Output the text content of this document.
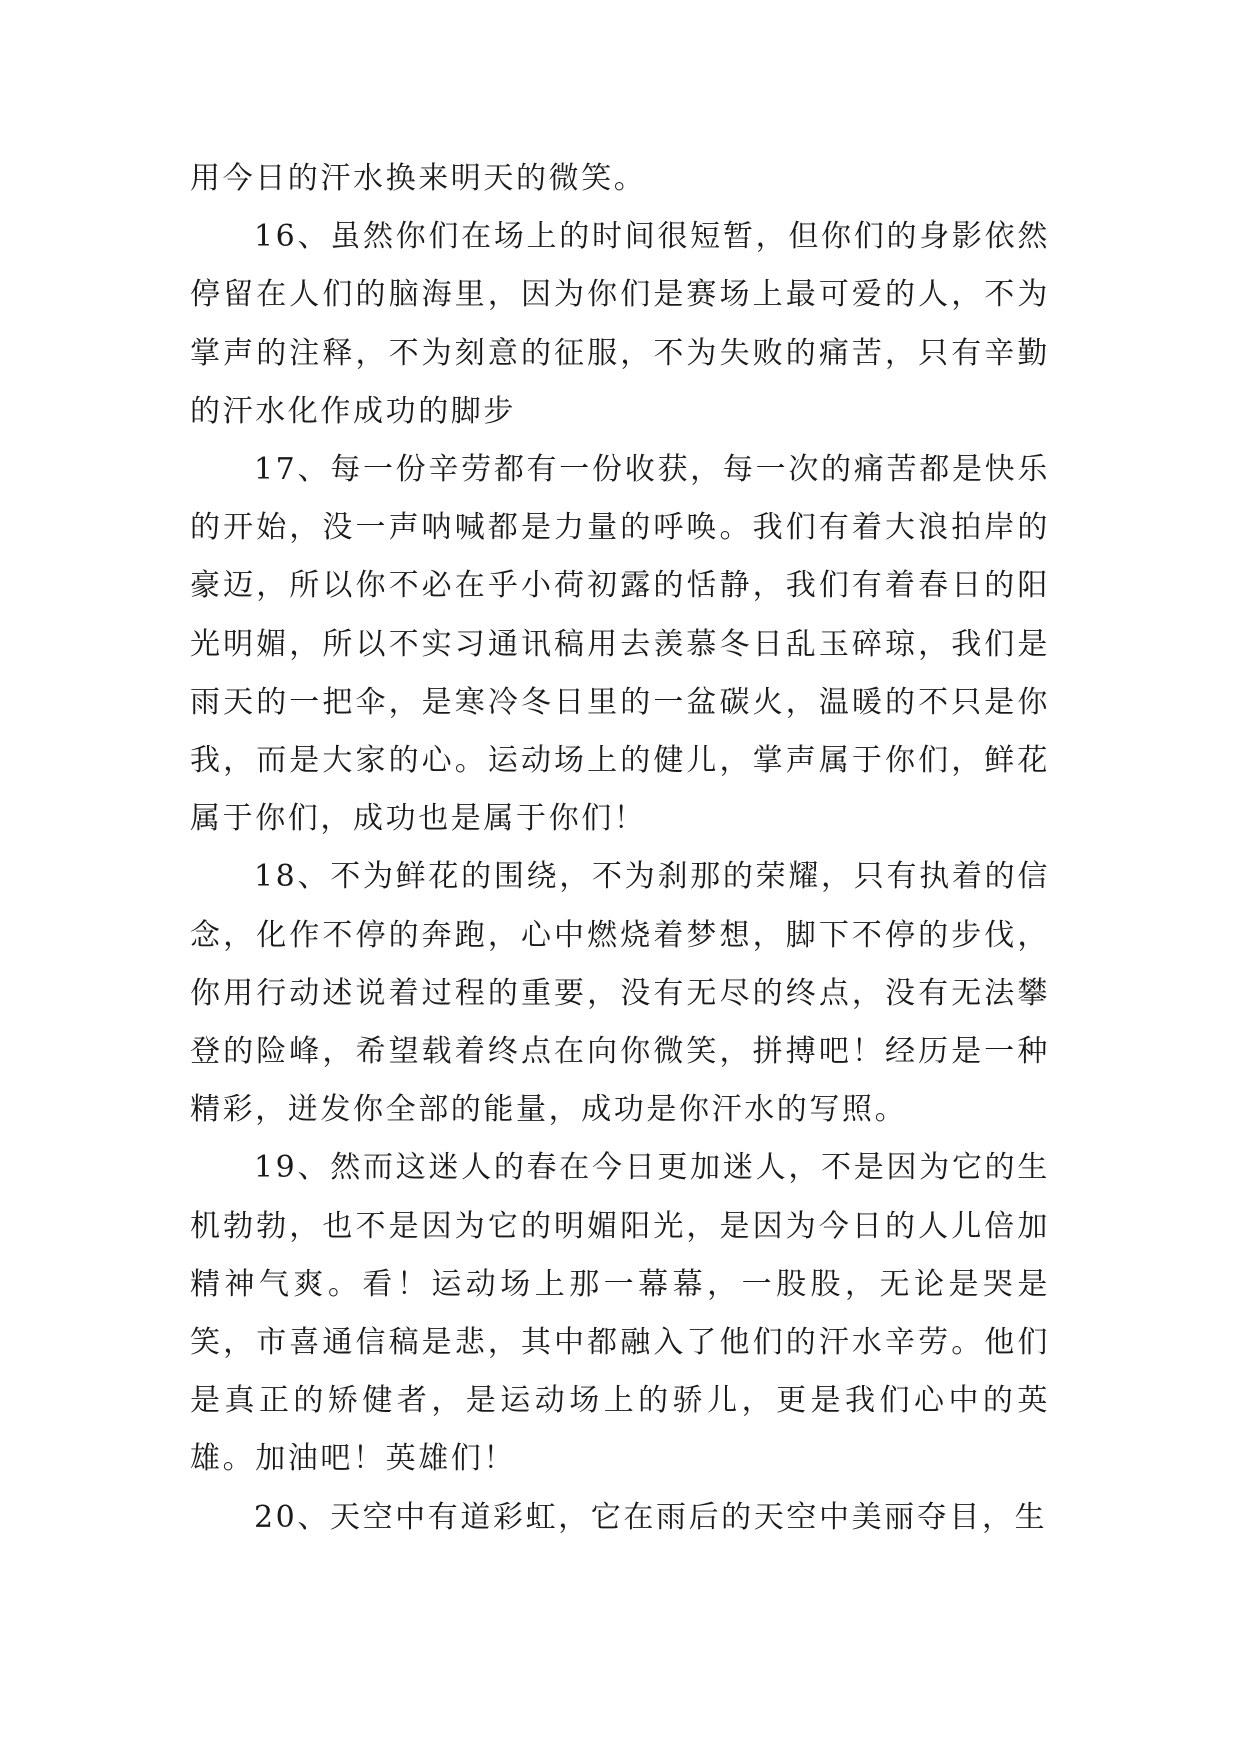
用今日的汗水换来明天的微笑。

16、虽然你们在场上的时间很短暂，但你们的身影依然停留在人们的脑海里，因为你们是赛场上最可爱的人，不为掌声的注释，不为刻意的征服，不为失败的痛苦，只有辛勤的汗水化作成功的脚步

17、每一份辛劳都有一份收获，每一次的痛苦都是快乐的开始，没一声呐喊都是力量的呼唤。我们有着大浪拍岸的豪迈，所以你不必在乎小荷初露的恬静，我们有着春日的阳光明媚，所以不实习通讯稿用去羡慕冬日乱玉碎琼，我们是雨天的一把伞，是寒冷冬日里的一盆碳火，温暖的不只是你我，而是大家的心。运动场上的健儿，掌声属于你们，鲜花属于你们，成功也是属于你们！

18、不为鲜花的围绕，不为刹那的荣耀，只有执着的信念，化作不停的奔跑，心中燃烧着梦想，脚下不停的步伐，你用行动述说着过程的重要，没有无尽的终点，没有无法攀登的险峰，希望载着终点在向你微笑，拼搏吧！经历是一种精彩，迸发你全部的能量，成功是你汗水的写照。

19、然而这迷人的春在今日更加迷人，不是因为它的生机勃勃，也不是因为它的明媚阳光，是因为今日的人儿倍加精神气爽。看！运动场上那一幕幕，一股股，无论是哭是笑，市喜通信稿是悲，其中都融入了他们的汗水辛劳。他们是真正的矫健者，是运动场上的骄儿，更是我们心中的英雄。加油吧！英雄们！

20、天空中有道彩虹，它在雨后的天空中美丽夺目，生
